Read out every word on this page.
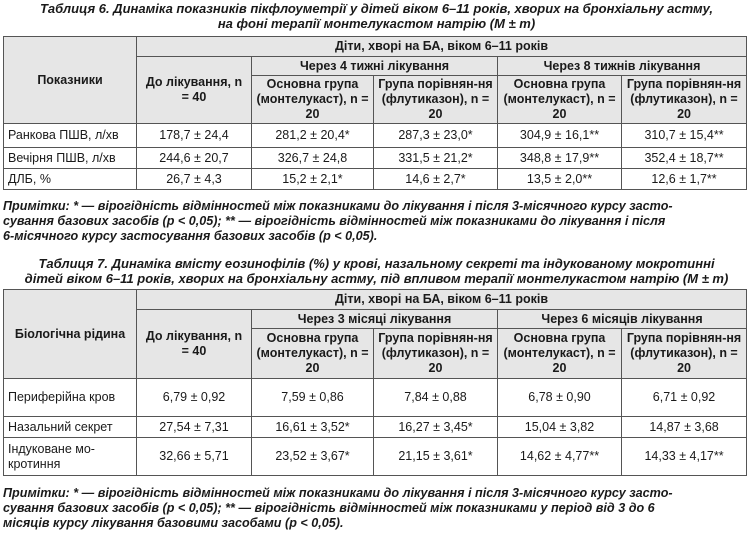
Таблиця 6. Динаміка показників пікфлоуметрії у дітей віком 6–11 років, хворих на бронхіальну астму,
на фоні терапії монтелукастом натрію (М ± m)
Показники	Діти, хворі на БА, віком 6–11 років				
	До лікування, n = 40	Через 4 тижні лікування		Через 8 тижнів лікування	
		Основна група (монтелукаст), n = 20	Група порівнян-ня (флутиказон), n = 20	Основна група (монтелукаст), n = 20	Група порівнян-ня (флутиказон), n = 20
Ранкова ПШВ, л/хв	178,7 ± 24,4	281,2 ± 20,4*	287,3 ± 23,0*	304,9 ± 16,1**	310,7 ± 15,4**
Вечірня ПШВ, л/хв	244,6 ± 20,7	326,7 ± 24,8	331,5 ± 21,2*	348,8 ± 17,9**	352,4 ± 18,7**
ДЛБ, %	26,7 ± 4,3	15,2 ± 2,1*	14,6 ± 2,7*	13,5 ± 2,0**	12,6 ± 1,7**
Примітки: * — вірогідність відмінностей між показниками до лікування і після 3-місячного курсу засто-
сування базових засобів (р < 0,05); ** — вірогідність відмінностей між показниками до лікування і після
6-місячного курсу застосування базових засобів (р < 0,05).
Таблиця 7. Динаміка вмісту еозинофілів (%) у крові, назальному секреті та індукованому мокротинні
дітей віком 6–11 років, хворих на бронхіальну астму, під впливом терапії монтелукастом натрію (М ± m)
Біологічна рідина	Діти, хворі на БА, віком 6–11 років				
	До лікування, n = 40	Через 3 місяці лікування		Через 6 місяців лікування	
		Основна група (монтелукаст), n = 20	Група порівнян-ня (флутиказон), n = 20	Основна група (монтелукаст), n = 20	Група порівнян-ня (флутиказон), n = 20
Периферійна кров	6,79 ± 0,92	7,59 ± 0,86	7,84 ± 0,88	6,78 ± 0,90	6,71 ± 0,92
Назальний секрет	27,54 ± 7,31	16,61 ± 3,52*	16,27 ± 3,45*	15,04 ± 3,82	14,87 ± 3,68
Індуковане мо-кротиння	32,66 ± 5,71	23,52 ± 3,67*	21,15 ± 3,61*	14,62 ± 4,77**	14,33 ± 4,17**
Примітки: * — вірогідність відмінностей між показниками до лікування і після 3-місячного курсу засто-
сування базових засобів (р < 0,05); ** — вірогідність відмінностей між показниками у період від 3 до 6
місяців курсу лікування базовими засобами (р < 0,05).
